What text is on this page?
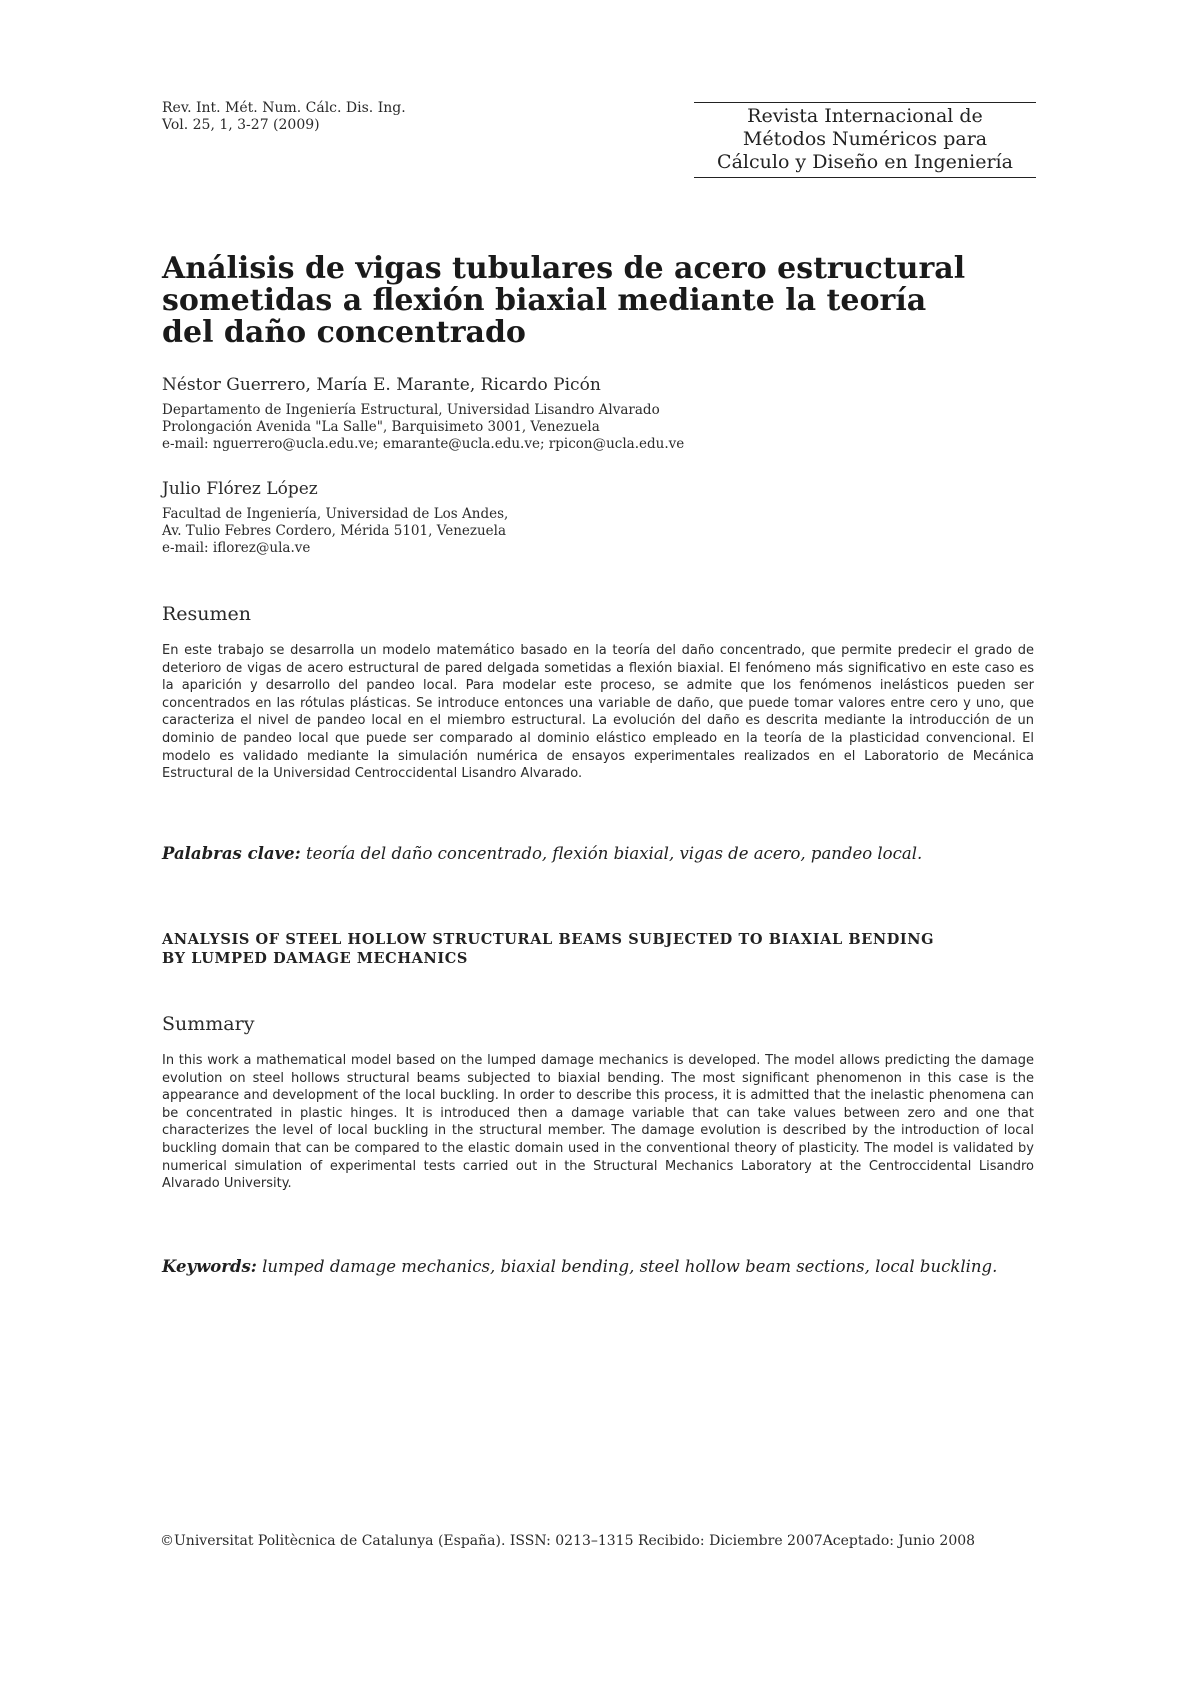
Rev. Int. Mét. Num. Cálc. Dis. Ing.
Vol. 25, 1, 3-27 (2009)	Revista Internacional de
Métodos Numéricos para
Cálculo y Diseño en Ingeniería
Análisis de vigas tubulares de acero estructural
sometidas a flexión biaxial mediante la teoría
del daño concentrado
Néstor Guerrero, María E. Marante, Ricardo Picón
Departamento de Ingeniería Estructural, Universidad Lisandro Alvarado
Prolongación Avenida "La Salle", Barquisimeto 3001, Venezuela
e-mail: nguerrero@ucla.edu.ve; emarante@ucla.edu.ve; rpicon@ucla.edu.ve
Julio Flórez López
Facultad de Ingeniería, Universidad de Los Andes,
Av. Tulio Febres Cordero, Mérida 5101, Venezuela
e-mail: iflorez@ula.ve
Resumen
En este trabajo se desarrolla un modelo matemático basado en la teoría del daño concentrado, que permite predecir el grado de deterioro de vigas de acero estructural de pared delgada sometidas a flexión biaxial. El fenómeno más significativo en este caso es la aparición y desarrollo del pandeo local. Para modelar este proceso, se admite que los fenómenos inelásticos pueden ser concentrados en las rótulas plásticas. Se introduce entonces una variable de daño, que puede tomar valores entre cero y uno, que caracteriza el nivel de pandeo local en el miembro estructural. La evolución del daño es descrita mediante la introducción de un dominio de pandeo local que puede ser comparado al dominio elástico empleado en la teoría de la plasticidad convencional. El modelo es validado mediante la simulación numérica de ensayos experimentales realizados en el Laboratorio de Mecánica Estructural de la Universidad Centroccidental Lisandro Alvarado.
Palabras clave: teoría del daño concentrado, flexión biaxial, vigas de acero, pandeo local.
ANALYSIS OF STEEL HOLLOW STRUCTURAL BEAMS SUBJECTED TO BIAXIAL BENDING
BY LUMPED DAMAGE MECHANICS
Summary
In this work a mathematical model based on the lumped damage mechanics is developed. The model allows predicting the damage evolution on steel hollows structural beams subjected to biaxial bending. The most significant phenomenon in this case is the appearance and development of the local buckling. In order to describe this process, it is admitted that the inelastic phenomena can be concentrated in plastic hinges. It is introduced then a damage variable that can take values between zero and one that characterizes the level of local buckling in the structural member. The damage evolution is described by the introduction of local buckling domain that can be compared to the elastic domain used in the conventional theory of plasticity. The model is validated by numerical simulation of experimental tests carried out in the Structural Mechanics Laboratory at the Centroccidental Lisandro Alvarado University.
Keywords: lumped damage mechanics, biaxial bending, steel hollow beam sections, local buckling.
©Universitat Politècnica de Catalunya (España). ISSN: 0213–1315 Recibido: Diciembre 2007Aceptado: Junio 2008
